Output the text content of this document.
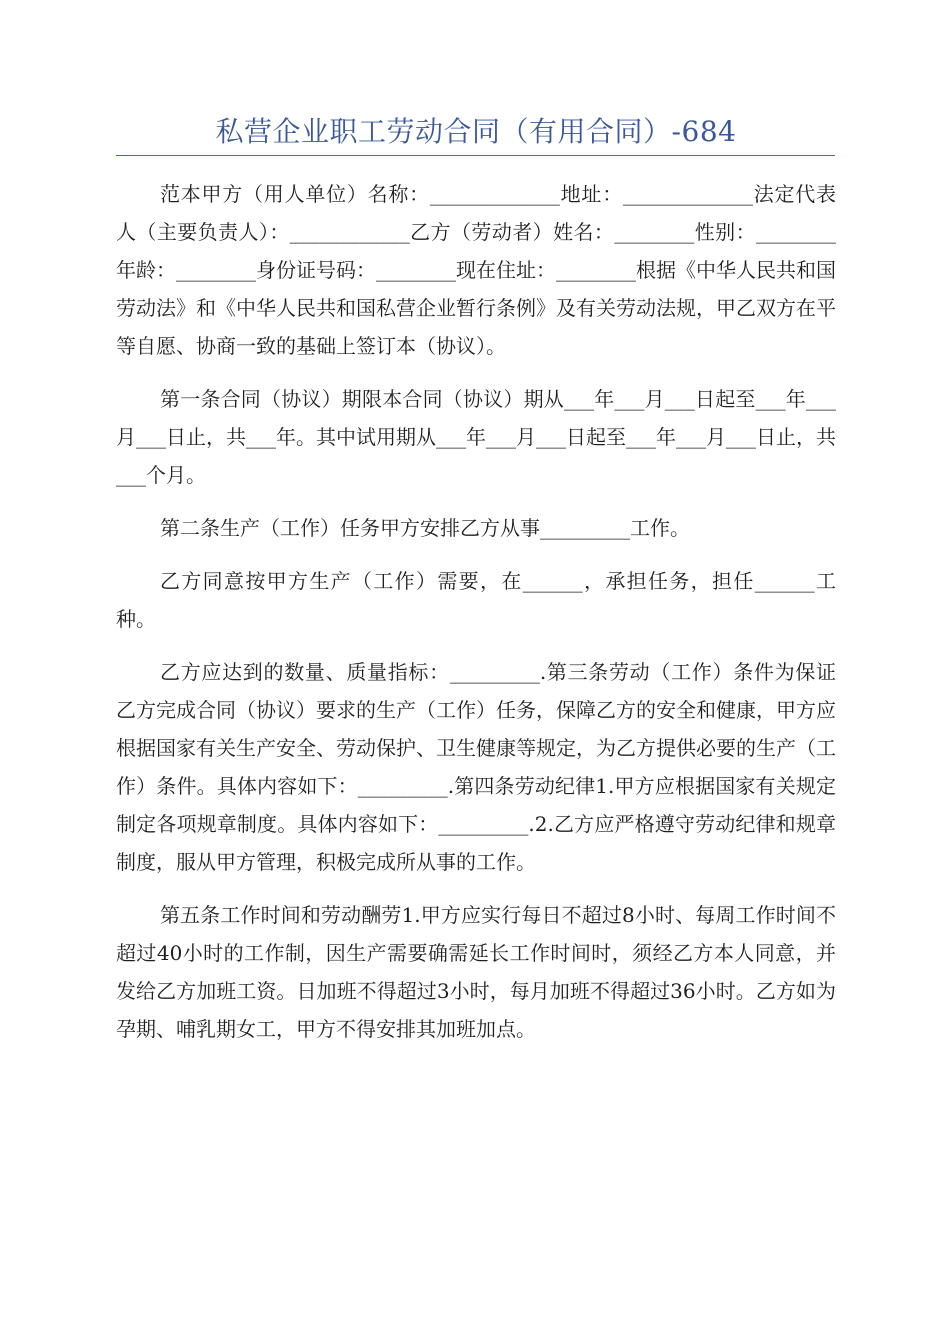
私营企业职工劳动合同（有用合同）-684

范本甲方（用人单位）名称：_____________地址：_____________法定代表人（主要负责人）：____________乙方（劳动者）姓名：________性别：________年龄：________身份证号码：________现在住址：________根据《中华人民共和国劳动法》和《中华人民共和国私营企业暂行条例》及有关劳动法规，甲乙双方在平等自愿、协商一致的基础上签订本（协议）。

第一条合同（协议）期限本合同（协议）期从___年___月___日起至___年___月___日止，共___年。其中试用期从___年___月___日起至___年___月___日止，共___个月。

第二条生产（工作）任务甲方安排乙方从事_________工作。

乙方同意按甲方生产（工作）需要，在______，承担任务，担任______工种。

乙方应达到的数量、质量指标：_________.第三条劳动（工作）条件为保证乙方完成合同（协议）要求的生产（工作）任务，保障乙方的安全和健康，甲方应根据国家有关生产安全、劳动保护、卫生健康等规定，为乙方提供必要的生产（工作）条件。具体内容如下：_________.第四条劳动纪律1.甲方应根据国家有关规定制定各项规章制度。具体内容如下：_________.2.乙方应严格遵守劳动纪律和规章制度，服从甲方管理，积极完成所从事的工作。

第五条工作时间和劳动酬劳1.甲方应实行每日不超过8小时、每周工作时间不超过40小时的工作制，因生产需要确需延长工作时间时，须经乙方本人同意，并发给乙方加班工资。日加班不得超过3小时，每月加班不得超过36小时。乙方如为孕期、哺乳期女工，甲方不得安排其加班加点。
